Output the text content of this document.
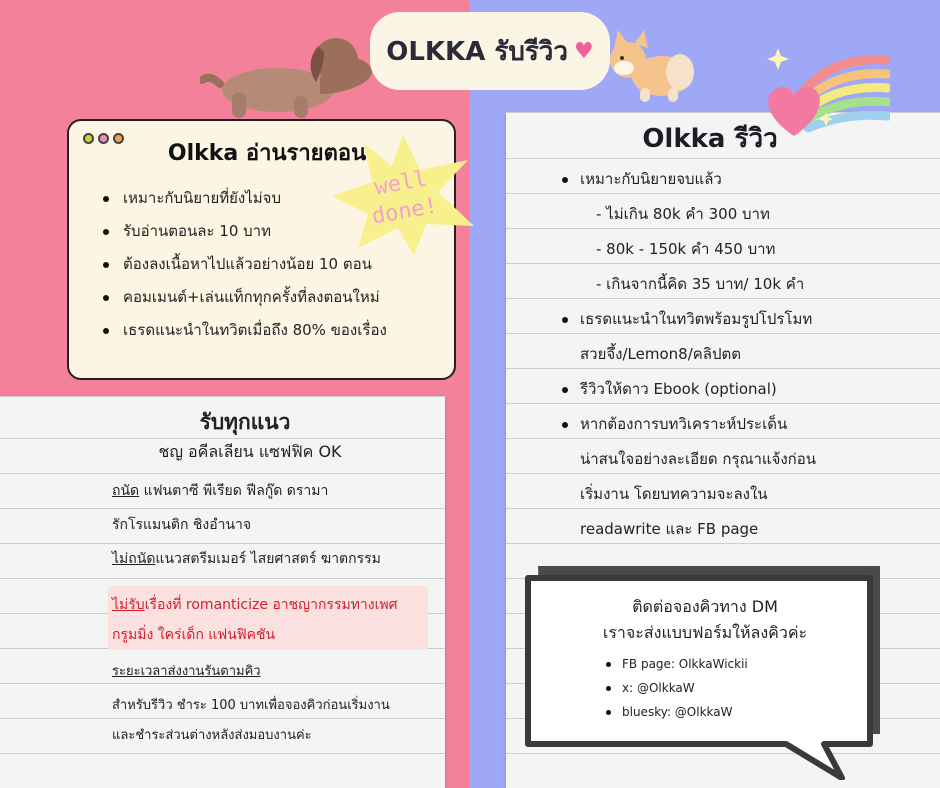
OLKKA รับรีวิว ♥
Olkka อ่านรายตอน
เหมาะกับนิยายที่ยังไม่จบ
รับอ่านตอนละ 10 บาท
ต้องลงเนื้อหาไปแล้วอย่างน้อย 10 ตอน
คอมเมนต์+เล่นแท็กทุกครั้งที่ลงตอนใหม่
เธรดแนะนำในทวิตเมื่อถึง 80% ของเรื่อง
well
done!
Olkka รีวิว
เหมาะกับนิยายจบแล้ว
- ไม่เกิน 80k คำ 300 บาท
- 80k - 150k คำ 450 บาท
- เกินจากนี้คิด 35 บาท/ 10k คำ
เธรดแนะนำในทวิตพร้อมรูปโปรโมท
สวยจึ้ง/Lemon8/คลิปตต
รีวิวให้ดาว Ebook (optional)
หากต้องการบทวิเคราะห์ประเด็น
น่าสนใจอย่างละเอียด กรุณาแจ้งก่อน
เริ่มงาน โดยบทความจะลงใน
readawrite และ FB page
รับทุกแนว
ชญ อคีลเลียน แซฟฟิค OK
ถนัด แฟนตาซี พีเรียด ฟีลกู๊ด ดรามา
รักโรแมนติก ชิงอำนาจ
ไม่ถนัดแนวสตรีมเมอร์ ไสยศาสตร์ ฆาตกรรม
ไม่รับเรื่องที่ romanticize อาชญากรรมทางเพศ
กรูมมิ่ง ใคร่เด็ก แฟนฟิคชัน
ระยะเวลาส่งงานรันตามคิว
สำหรับรีวิว ชำระ 100 บาทเพื่อจองคิวก่อนเริ่มงาน
และชำระส่วนต่างหลังส่งมอบงานค่ะ
ติดต่อจองคิวทาง DM
เราจะส่งแบบฟอร์มให้ลงคิวค่ะ
FB page: OlkkaWickii
x: @OlkkaW
bluesky: @OlkkaW
